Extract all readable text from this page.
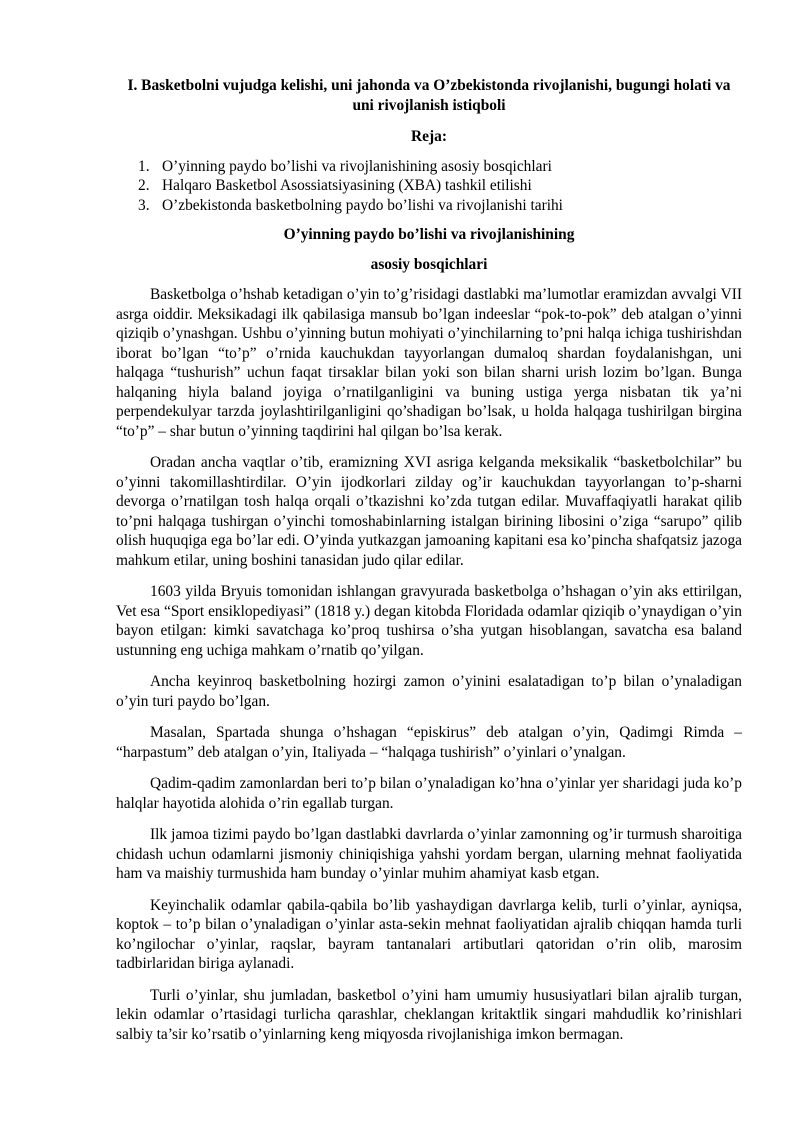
I. Basketbolni vujudga kelishi, uni jahonda va O’zbekistonda rivojlanishi, bugungi holati va uni rivojlanish istiqboli

Reja:

1. O’yinning paydo bo’lishi va rivojlanishining asosiy bosqichlari
2. Halqaro Basketbol Asossiatsiyasining (XBA) tashkil etilishi
3. O’zbekistonda basketbolning paydo bo’lishi va rivojlanishi tarihi

O’yinning paydo bo’lishi va rivojlanishining

asosiy bosqichlari

Basketbolga o’hshab ketadigan o’yin to’g’risidagi dastlabki ma’lumotlar eramizdan avvalgi VII asrga oiddir. Meksikadagi ilk qabilasiga mansub bo’lgan indeeslar “pok-to-pok” deb atalgan o’yinni qiziqib o’ynashgan. Ushbu o’yinning butun mohiyati o’yinchilarning to’pni halqa ichiga tushirishdan iborat bo’lgan “to’p” o’rnida kauchukdan tayyorlangan dumaloq shardan foydalanishgan, uni halqaga “tushurish” uchun faqat tirsaklar bilan yoki son bilan sharni urish lozim bo’lgan. Bunga halqaning hiyla baland joyiga o’rnatilganligini va buning ustiga yerga nisbatan tik ya’ni perpendekulyar tarzda joylashtirilganligini qo’shadigan bo’lsak, u holda halqaga tushirilgan birgina “to’p” – shar butun o’yinning taqdirini hal qilgan bo’lsa kerak.

Oradan ancha vaqtlar o’tib, eramizning XVI asriga kelganda meksikalik “basketbolchilar” bu o’yinni takomillashtirdilar. O’yin ijodkorlari zilday og’ir kauchukdan tayyorlangan to’p-sharni devorga o’rnatilgan tosh halqa orqali o’tkazishni ko’zda tutgan edilar. Muvaffaqiyatli harakat qilib to’pni halqaga tushirgan o’yinchi tomoshabinlarning istalgan birining libosini o’ziga “sarupo” qilib olish huquqiga ega bo’lar edi. O’yinda yutkazgan jamoaning kapitani esa ko’pincha shafqatsiz jazoga mahkum etilar, uning boshini tanasidan judo qilar edilar.

1603 yilda Bryuis tomonidan ishlangan gravyurada basketbolga o’hshagan o’yin aks ettirilgan, Vet esa “Sport ensiklopediyasi” (1818 y.) degan kitobda Floridada odamlar qiziqib o’ynaydigan o’yin bayon etilgan: kimki savatchaga ko’proq tushirsa o’sha yutgan hisoblangan, savatcha esa baland ustunning eng uchiga mahkam o’rnatib qo’yilgan.

Ancha keyinroq basketbolning hozirgi zamon o’yinini esalatadigan to’p bilan o’ynaladigan o’yin turi paydo bo’lgan.

Masalan, Spartada shunga o’hshagan “episkirus” deb atalgan o’yin, Qadimgi Rimda – “harpastum” deb atalgan o’yin, Italiyada – “halqaga tushirish” o’yinlari o’ynalgan.

Qadim-qadim zamonlardan beri to’p bilan o’ynaladigan ko’hna o’yinlar yer sharidagi juda ko’p halqlar hayotida alohida o’rin egallab turgan.

Ilk jamoa tizimi paydo bo’lgan dastlabki davrlarda o’yinlar zamonning og’ir turmush sharoitiga chidash uchun odamlarni jismoniy chiniqishiga yahshi yordam bergan, ularning mehnat faoliyatida ham va maishiy turmushida ham bunday o’yinlar muhim ahamiyat kasb etgan.

Keyinchalik odamlar qabila-qabila bo’lib yashaydigan davrlarga kelib, turli o’yinlar, ayniqsa, koptok – to’p bilan o’ynaladigan o’yinlar asta-sekin mehnat faoliyatidan ajralib chiqqan hamda turli ko’ngilochar o’yinlar, raqslar, bayram tantanalari artibutlari qatoridan o’rin olib, marosim tadbirlaridan biriga aylanadi.

Turli o’yinlar, shu jumladan, basketbol o’yini ham umumiy hususiyatlari bilan ajralib turgan, lekin odamlar o’rtasidagi turlicha qarashlar, cheklangan kritaktlik singari mahdudlik ko’rinishlari salbiy ta’sir ko’rsatib o’yinlarning keng miqyosda rivojlanishiga imkon bermagan.
